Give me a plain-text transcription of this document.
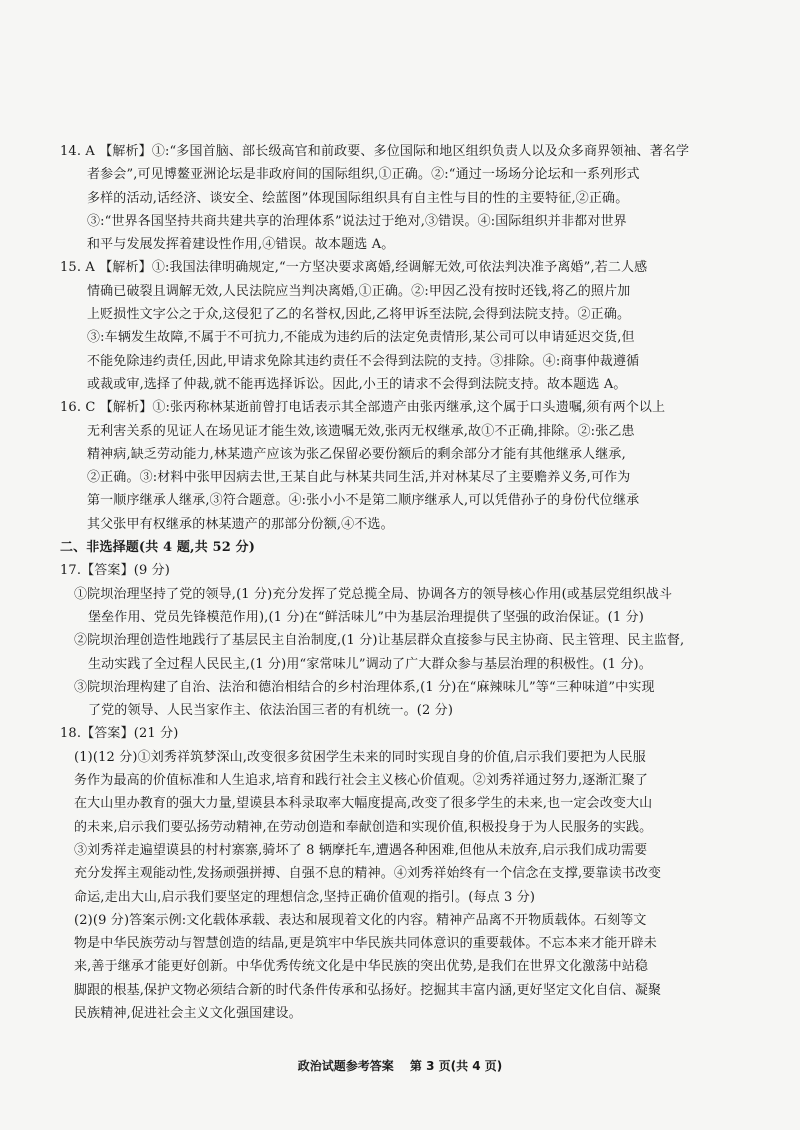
14. A 【解析】①:“多国首脑、部长级高官和前政要、多位国际和地区组织负责人以及众多商界领袖、著名学
者参会”,可见博鳌亚洲论坛是非政府间的国际组织,①正确。②:“通过一场场分论坛和一系列形式
多样的活动,话经济、谈安全、绘蓝图”体现国际组织具有自主性与目的性的主要特征,②正确。
③:“世界各国坚持共商共建共享的治理体系”说法过于绝对,③错误。④:国际组织并非都对世界
和平与发展发挥着建设性作用,④错误。故本题选 A。
15. A 【解析】①:我国法律明确规定,“一方坚决要求离婚,经调解无效,可依法判决准予离婚”,若二人感
情确已破裂且调解无效,人民法院应当判决离婚,①正确。②:甲因乙没有按时还钱,将乙的照片加
上贬损性文字公之于众,这侵犯了乙的名誉权,因此,乙将甲诉至法院,会得到法院支持。②正确。
③:车辆发生故障,不属于不可抗力,不能成为违约后的法定免责情形,某公司可以申请延迟交货,但
不能免除违约责任,因此,甲请求免除其违约责任不会得到法院的支持。③排除。④:商事仲裁遵循
或裁或审,选择了仲裁,就不能再选择诉讼。因此,小王的请求不会得到法院支持。故本题选 A。
16. C 【解析】①:张丙称林某逝前曾打电话表示其全部遗产由张丙继承,这个属于口头遗嘱,须有两个以上
无利害关系的见证人在场见证才能生效,该遗嘱无效,张丙无权继承,故①不正确,排除。②:张乙患
精神病,缺乏劳动能力,林某遗产应该为张乙保留必要份额后的剩余部分才能有其他继承人继承,
②正确。③:材料中张甲因病去世,王某自此与林某共同生活,并对林某尽了主要赡养义务,可作为
第一顺序继承人继承,③符合题意。④:张小小不是第二顺序继承人,可以凭借孙子的身份代位继承
其父张甲有权继承的林某遗产的那部分份额,④不选。
二、非选择题(共 4 题,共 52 分)
17.【答案】(9 分)
①院坝治理坚持了党的领导,(1 分)充分发挥了党总揽全局、协调各方的领导核心作用(或基层党组织战斗
堡垒作用、党员先锋模范作用),(1 分)在“鲜活味儿”中为基层治理提供了坚强的政治保证。(1 分)
②院坝治理创造性地践行了基层民主自治制度,(1 分)让基层群众直接参与民主协商、民主管理、民主监督,
生动实践了全过程人民民主,(1 分)用“家常味儿”调动了广大群众参与基层治理的积极性。(1 分)。
③院坝治理构建了自治、法治和德治相结合的乡村治理体系,(1 分)在“麻辣味儿”等“三种味道”中实现
了党的领导、人民当家作主、依法治国三者的有机统一。(2 分)
18.【答案】(21 分)
(1)(12 分)①刘秀祥筑梦深山,改变很多贫困学生未来的同时实现自身的价值,启示我们要把为人民服
务作为最高的价值标准和人生追求,培育和践行社会主义核心价值观。②刘秀祥通过努力,逐渐汇聚了
在大山里办教育的强大力量,望谟县本科录取率大幅度提高,改变了很多学生的未来,也一定会改变大山
的未来,启示我们要弘扬劳动精神,在劳动创造和奉献创造和实现价值,积极投身于为人民服务的实践。
③刘秀祥走遍望谟县的村村寨寨,骑坏了 8 辆摩托车,遭遇各种困难,但他从未放弃,启示我们成功需要
充分发挥主观能动性,发扬顽强拼搏、自强不息的精神。④刘秀祥始终有一个信念在支撑,要靠读书改变
命运,走出大山,启示我们要坚定的理想信念,坚持正确价值观的指引。(每点 3 分)
(2)(9 分)答案示例:文化载体承载、表达和展现着文化的内容。精神产品离不开物质载体。石刻等文
物是中华民族劳动与智慧创造的结晶,更是筑牢中华民族共同体意识的重要载体。不忘本来才能开辟未
来,善于继承才能更好创新。中华优秀传统文化是中华民族的突出优势,是我们在世界文化激荡中站稳
脚跟的根基,保护文物必须结合新的时代条件传承和弘扬好。挖掘其丰富内涵,更好坚定文化自信、凝聚
民族精神,促进社会主义文化强国建设。
政治试题参考答案 第 3 页(共 4 页)
